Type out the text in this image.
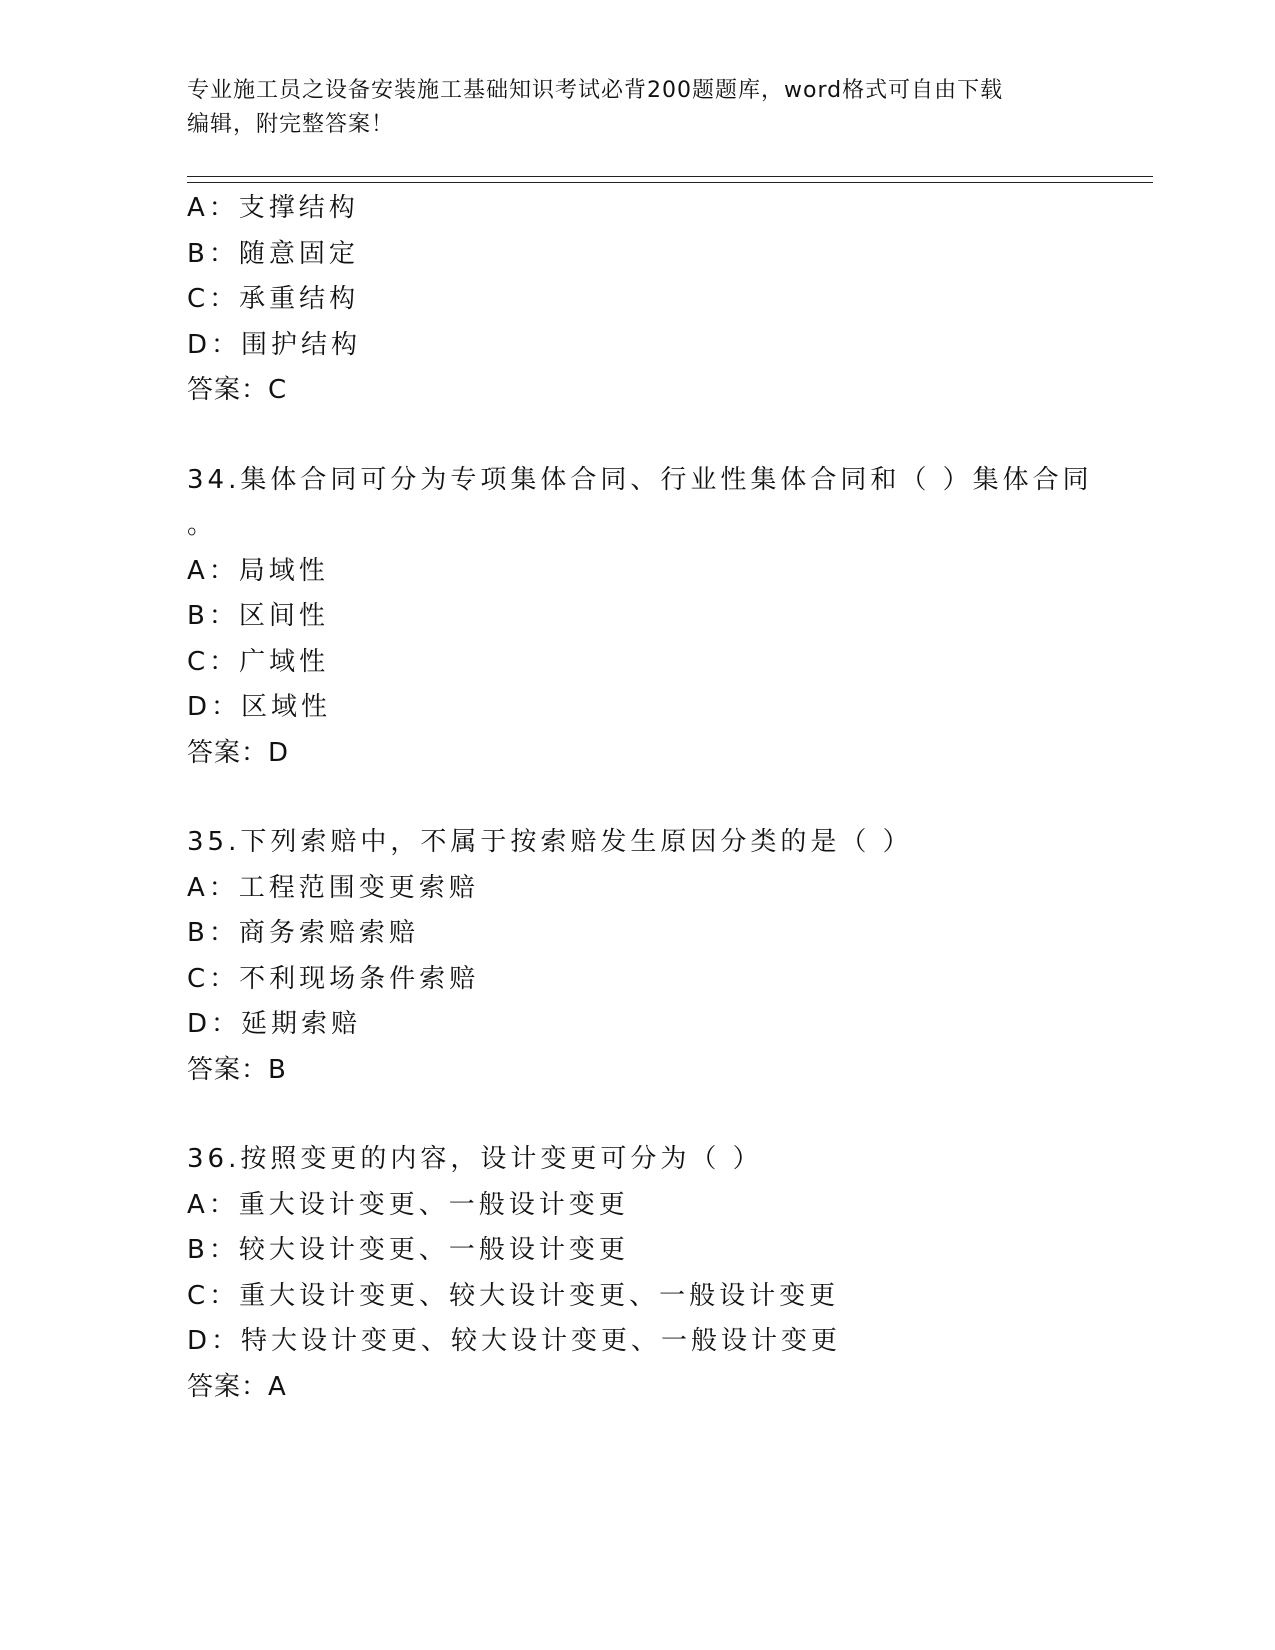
专业施工员之设备安装施工基础知识考试必背200题题库，word格式可自由下载
编辑，附完整答案！
A：支撑结构
B：随意固定
C：承重结构
D：围护结构
答案：C
34.集体合同可分为专项集体合同、行业性集体合同和（ ）集体合同
。
A：局域性
B：区间性
C：广域性
D：区域性
答案：D
35.下列索赔中，不属于按索赔发生原因分类的是（ ）
A：工程范围变更索赔
B：商务索赔索赔
C：不利现场条件索赔
D：延期索赔
答案：B
36.按照变更的内容，设计变更可分为（ ）
A：重大设计变更、一般设计变更
B：较大设计变更、一般设计变更
C：重大设计变更、较大设计变更、一般设计变更
D：特大设计变更、较大设计变更、一般设计变更
答案：A
